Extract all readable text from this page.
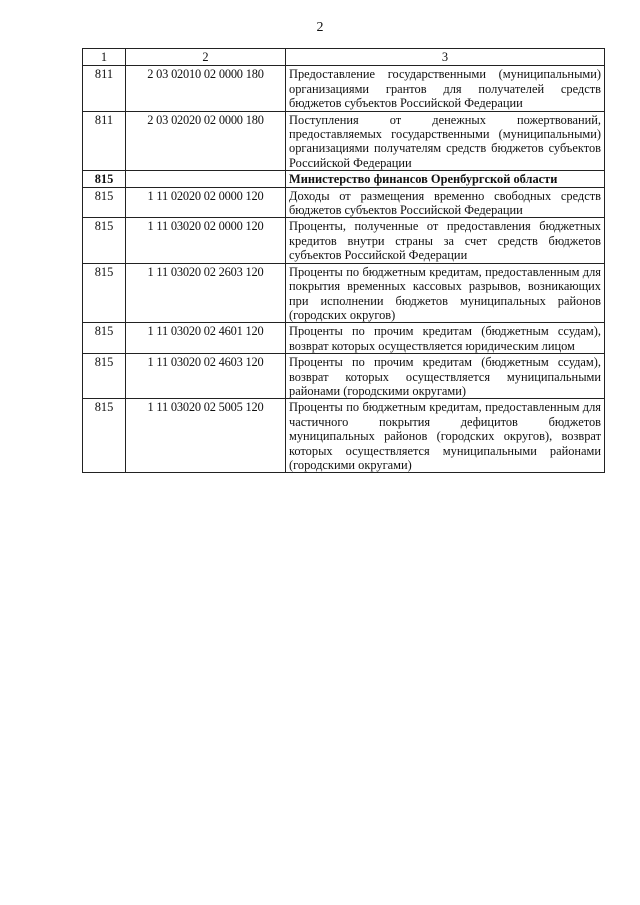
2
1	2	3
811	2 03 02010 02 0000 180	Предоставление государственными (муниципальными) организациями грантов для получателей средств бюджетов субъектов Российской Федерации
811	2 03 02020 02 0000 180	Поступления от денежных пожертвований, предоставляемых государственными (муниципальными) организациями получателям средств бюджетов субъектов Российской Федерации
815		Министерство финансов Оренбургской области
815	1 11 02020 02 0000 120	Доходы от размещения временно свободных средств бюджетов субъектов Российской Федерации
815	1 11 03020 02 0000 120	Проценты, полученные от предоставления бюджетных кредитов внутри страны за счет средств бюджетов субъектов Российской Федерации
815	1 11 03020 02 2603 120	Проценты по бюджетным кредитам, предоставленным для покрытия временных кассовых разрывов, возникающих при исполнении бюджетов муниципальных районов (городских округов)
815	1 11 03020 02 4601 120	Проценты по прочим кредитам (бюджетным ссудам), возврат которых осуществляется юридическим лицом
815	1 11 03020 02 4603 120	Проценты по прочим кредитам (бюджетным ссудам), возврат которых осуществляется муниципальными районами (городскими округами)
815	1 11 03020 02 5005 120	Проценты по бюджетным кредитам, предоставленным для частичного покрытия дефицитов бюджетов муниципальных районов (городских округов), возврат которых осуществляется муниципальными районами (городскими округами)
